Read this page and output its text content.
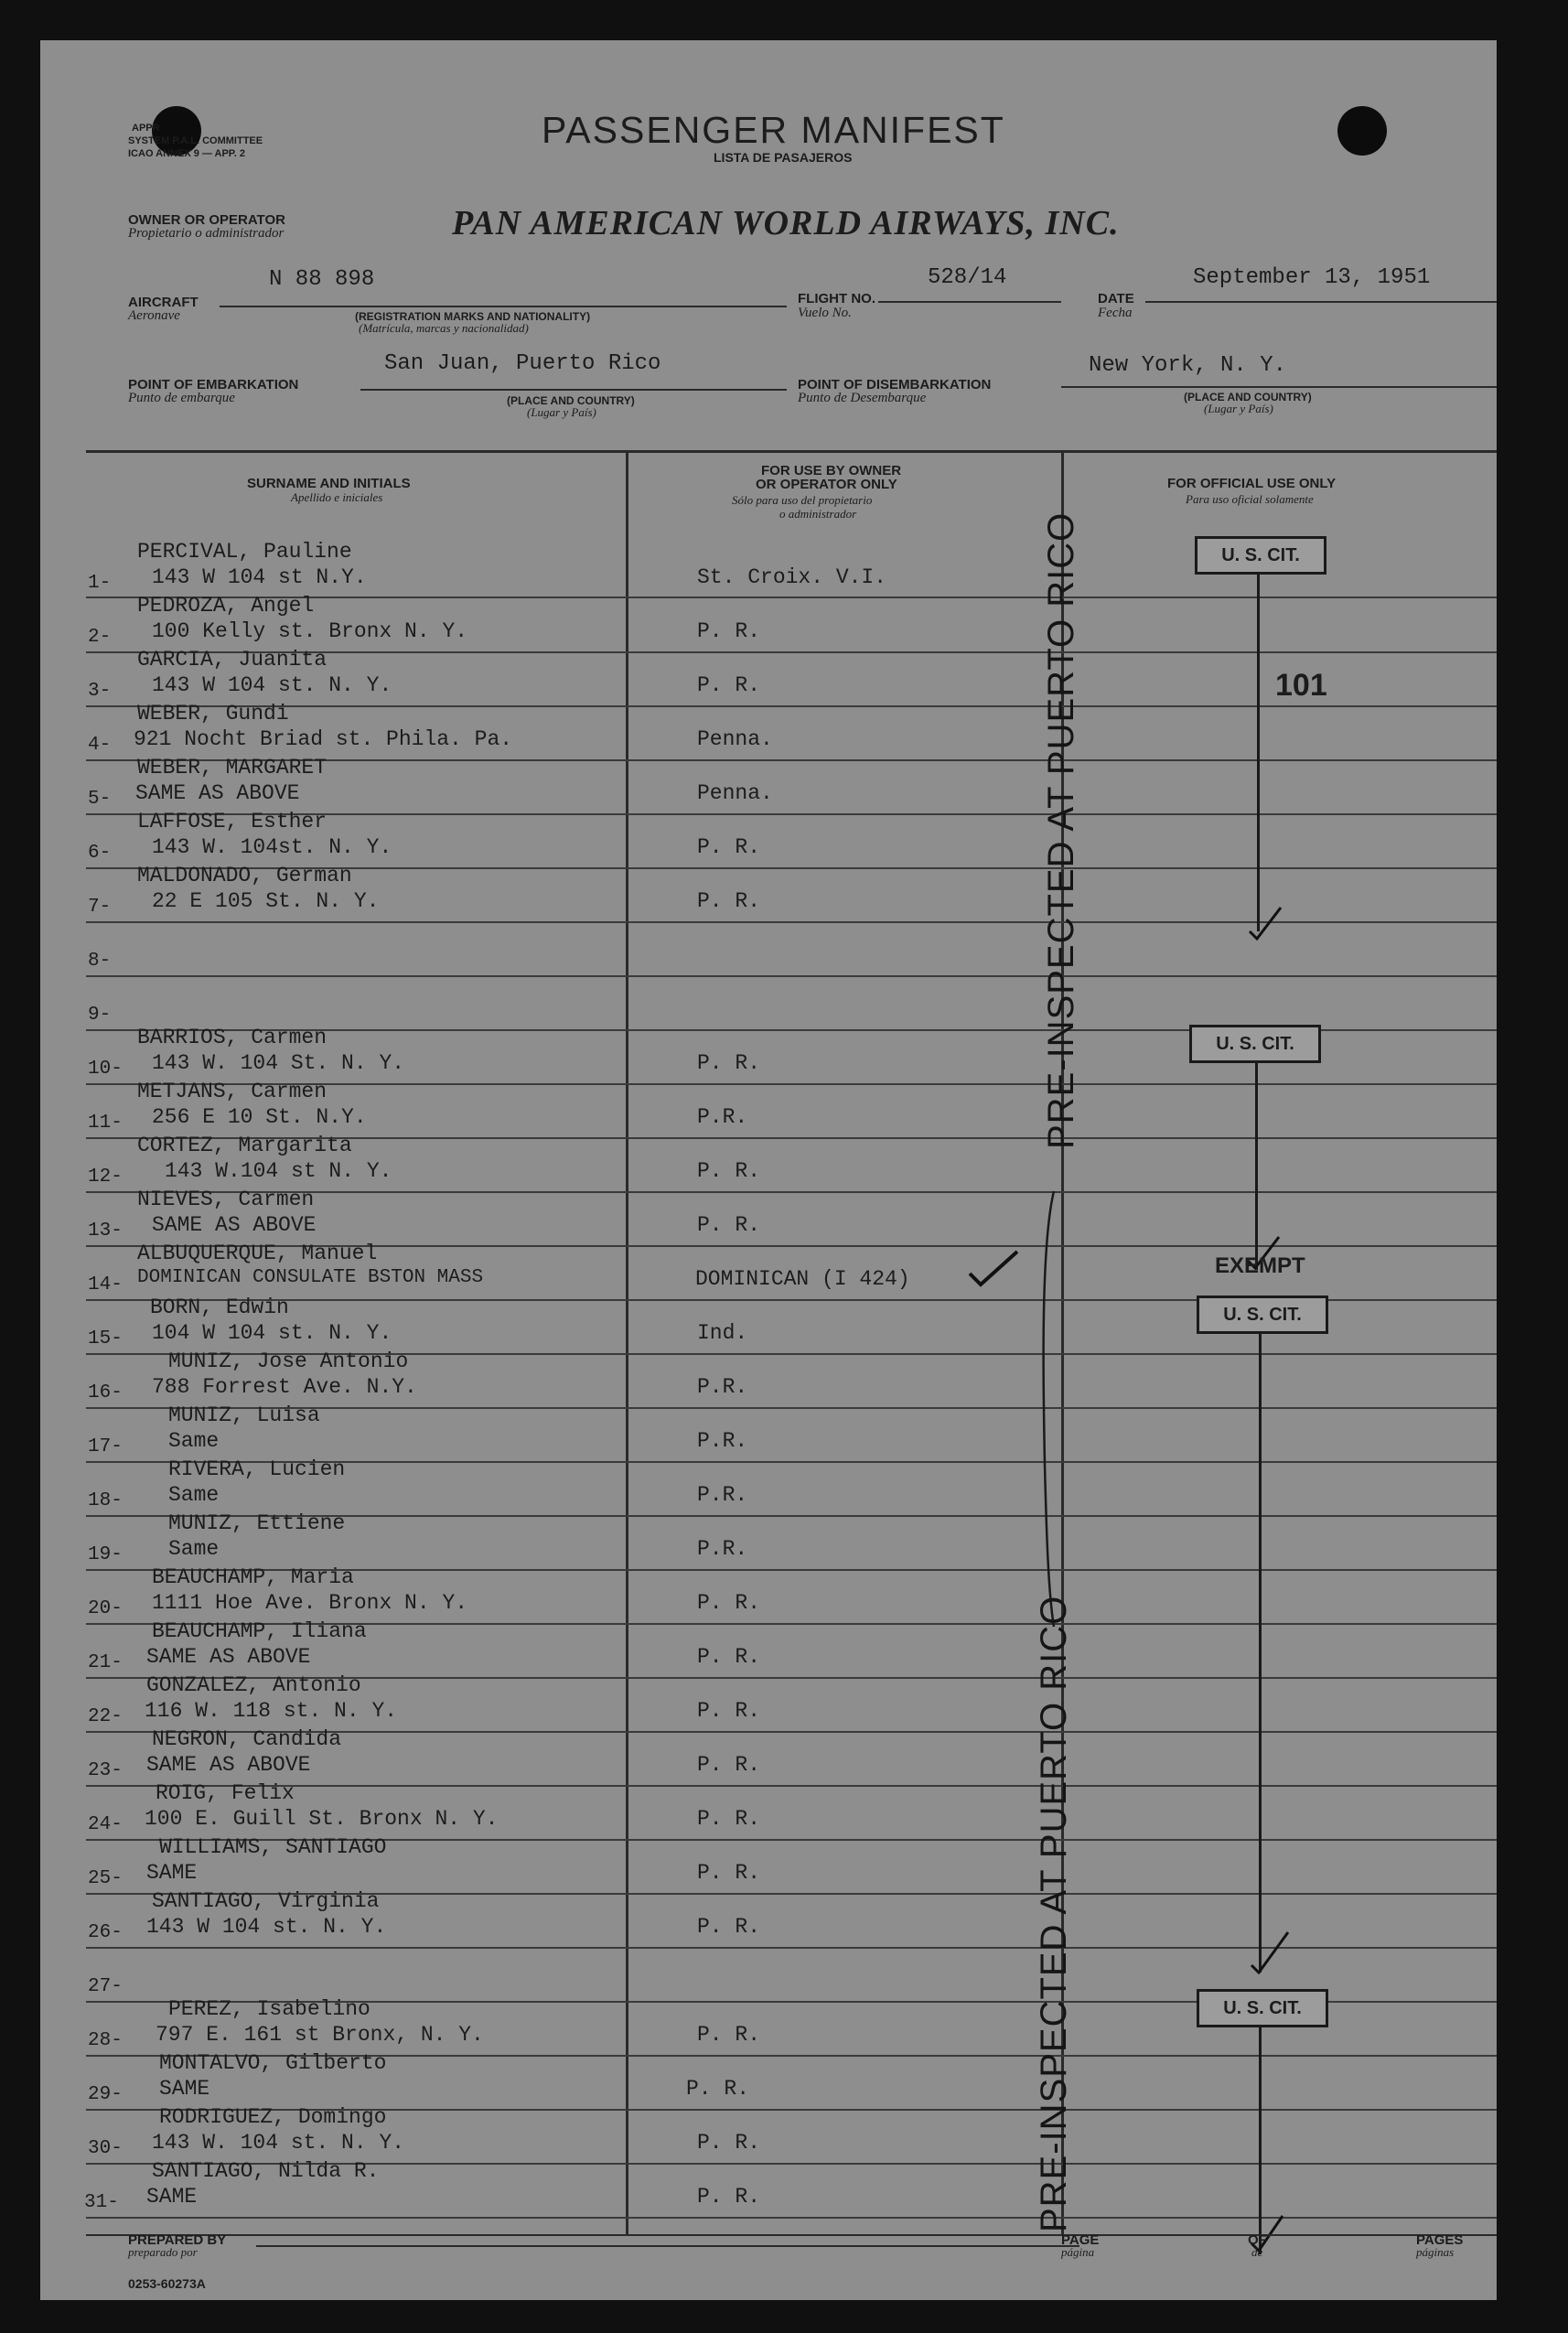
APPR
SYSTEM P.A.L. COMMITTEE
ICAO ANNEX 9 — APP. 2
PASSENGER MANIFEST
LISTA DE PASAJEROS
OWNER OR OPERATOR
Propietario o administrador	PAN AMERICAN WORLD AIRWAYS, INC.
AIRCRAFT
Aeronave
N 88 898
(REGISTRATION MARKS AND NATIONALITY)
(Matrícula, marcas y nacionalidad)
FLIGHT NO.
Vuelo No.
528/14
DATE
Fecha
September 13, 1951
POINT OF EMBARKATION
Punto de embarque
San Juan, Puerto Rico
(PLACE AND COUNTRY)
(Lugar y País)
POINT OF DISEMBARKATION
Punto de Desembarque
New York, N. Y.
(PLACE AND COUNTRY)
(Lugar y País)
SURNAME AND INITIALS
Apellido e iniciales
FOR USE BY OWNER
OR OPERATOR ONLY
Sólo para uso del propietario
o administrador
FOR OFFICIAL USE ONLY
Para uso oficial solamente
1-
PERCIVAL, Pauline
143 W 104 st N.Y.	St. Croix. V.I.
2-
PEDROZA, Angel
100 Kelly st. Bronx N. Y.	P. R.
3-
GARCIA, Juanita
143 W 104 st. N. Y.	P. R.
4-
WEBER, Gundi
921 Nocht Briad st. Phila. Pa.	Penna.
5-
WEBER, MARGARET
SAME AS ABOVE	Penna.
6-
LAFFOSE, Esther
143 W. 104st. N. Y.	P. R.
7-
MALDONADO, German
22 E 105 St. N. Y.	P. R.
8-
9-
10-
BARRIOS, Carmen
143 W. 104 St. N. Y.	P. R.
11-
METJANS, Carmen
256 E 10 St. N.Y.	P.R.
12-
CORTEZ, Margarita
143 W.104 st N. Y.	P. R.
13-
NIEVES, Carmen
SAME AS ABOVE	P. R.
14-
ALBUQUERQUE, Manuel
DOMINICAN CONSULATE BSTON MASS	DOMINICAN (I 424)
15-
BORN, Edwin
104 W 104 st. N. Y.	Ind.
16-
MUNIZ, Jose Antonio
788 Forrest Ave. N.Y.	P.R.
17-
MUNIZ, Luisa
Same	P.R.
18-
RIVERA, Lucien
Same	P.R.
19-
MUNIZ, Ettiene
Same	P.R.
20-
BEAUCHAMP, Maria
1111 Hoe Ave. Bronx N. Y.	P. R.
21-
BEAUCHAMP, Iliana
SAME AS ABOVE	P. R.
22-
GONZALEZ, Antonio
116 W. 118 st. N. Y.	P. R.
23-
NEGRON, Candida
SAME AS ABOVE	P. R.
24-
ROIG, Felix
100 E. Guill St. Bronx N. Y.	P. R.
25-
WILLIAMS, SANTIAGO
SAME	P. R.
26-
SANTIAGO, Virginia
143 W 104 st. N. Y.	P. R.
27-
28-
PEREZ, Isabelino
797 E. 161 st Bronx, N. Y.	P. R.
29-
MONTALVO, Gilberto
SAME	P. R.
30-
RODRIGUEZ, Domingo
143 W. 104 st. N. Y.	P. R.
31-
SANTIAGO, Nilda R.
SAME	P. R.
U. S. CIT.
101
U. S. CIT.
EXEMPT
U. S. CIT.
U. S. CIT.
PRE-INSPECTED AT PUERTO RICO
PRE-INSPECTED AT PUERTO RICO
PREPARED BY
preparado por
PAGE
página
OF
de
PAGES
páginas
0253-60273A
